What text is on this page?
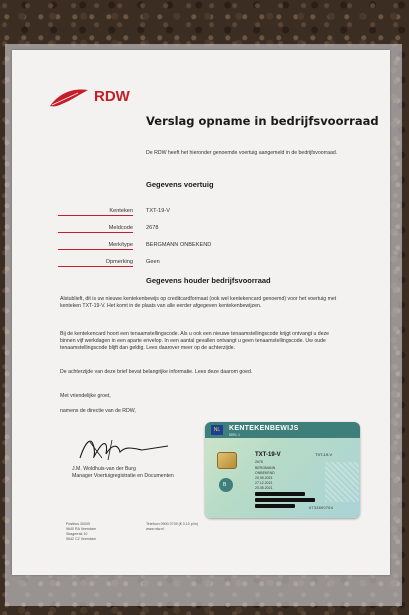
RDW
Verslag opname in bedrijfsvoorraad
De RDW heeft het hieronder genoemde voertuig aangemeld in de bedrijfsvoorraad.
Gegevens voertuig
Kenteken TXT-19-V
Meldcode 2678
Merk/type BERGMANN ONBEKEND
Opmerking Geen
Gegevens houder bedrijfsvoorraad
Alstublieft, dit is uw nieuwe kentekenbewijs op creditcardformaat (ook wel kentekencard genoemd) voor het voertuig met kenteken TXT-19-V. Het komt in de plaats van alle eerder afgegeven kentekenbewijzen.
Bij de kentekencard hoort een tenaamstellingscode. Als u ook een nieuwe tenaamstellingscode krijgt ontvangt u deze binnen vijf werkdagen in een aparte envelop. In een aantal gevallen ontvangt u geen tenaamstellingscode. Uw oude tenaamstellingscode blijft dan geldig. Lees daarover meer op de achterzijde.
De achterzijde van deze brief bevat belangrijke informatie. Lees deze daarom goed.
Met vriendelijke groet,
namens de directie van de RDW,
J.M. Woldhuis-van der Burg
Manager Voertuigregistratie en Documenten
Postbus 30000
9640 RA Veendam
Skagerrak 10
9642 CZ Veendam
Telefoon 0900 0739 (€ 0,10 p/m)
www.rdw.nl
NL	KENTEKENBEWIJS
DEEL 1
TXT-19-V	TXT-19-V
2678
BERGMANN
ONBEKEND
20.05.2021
27.12.2021
20.05.2021
B
6733890764
